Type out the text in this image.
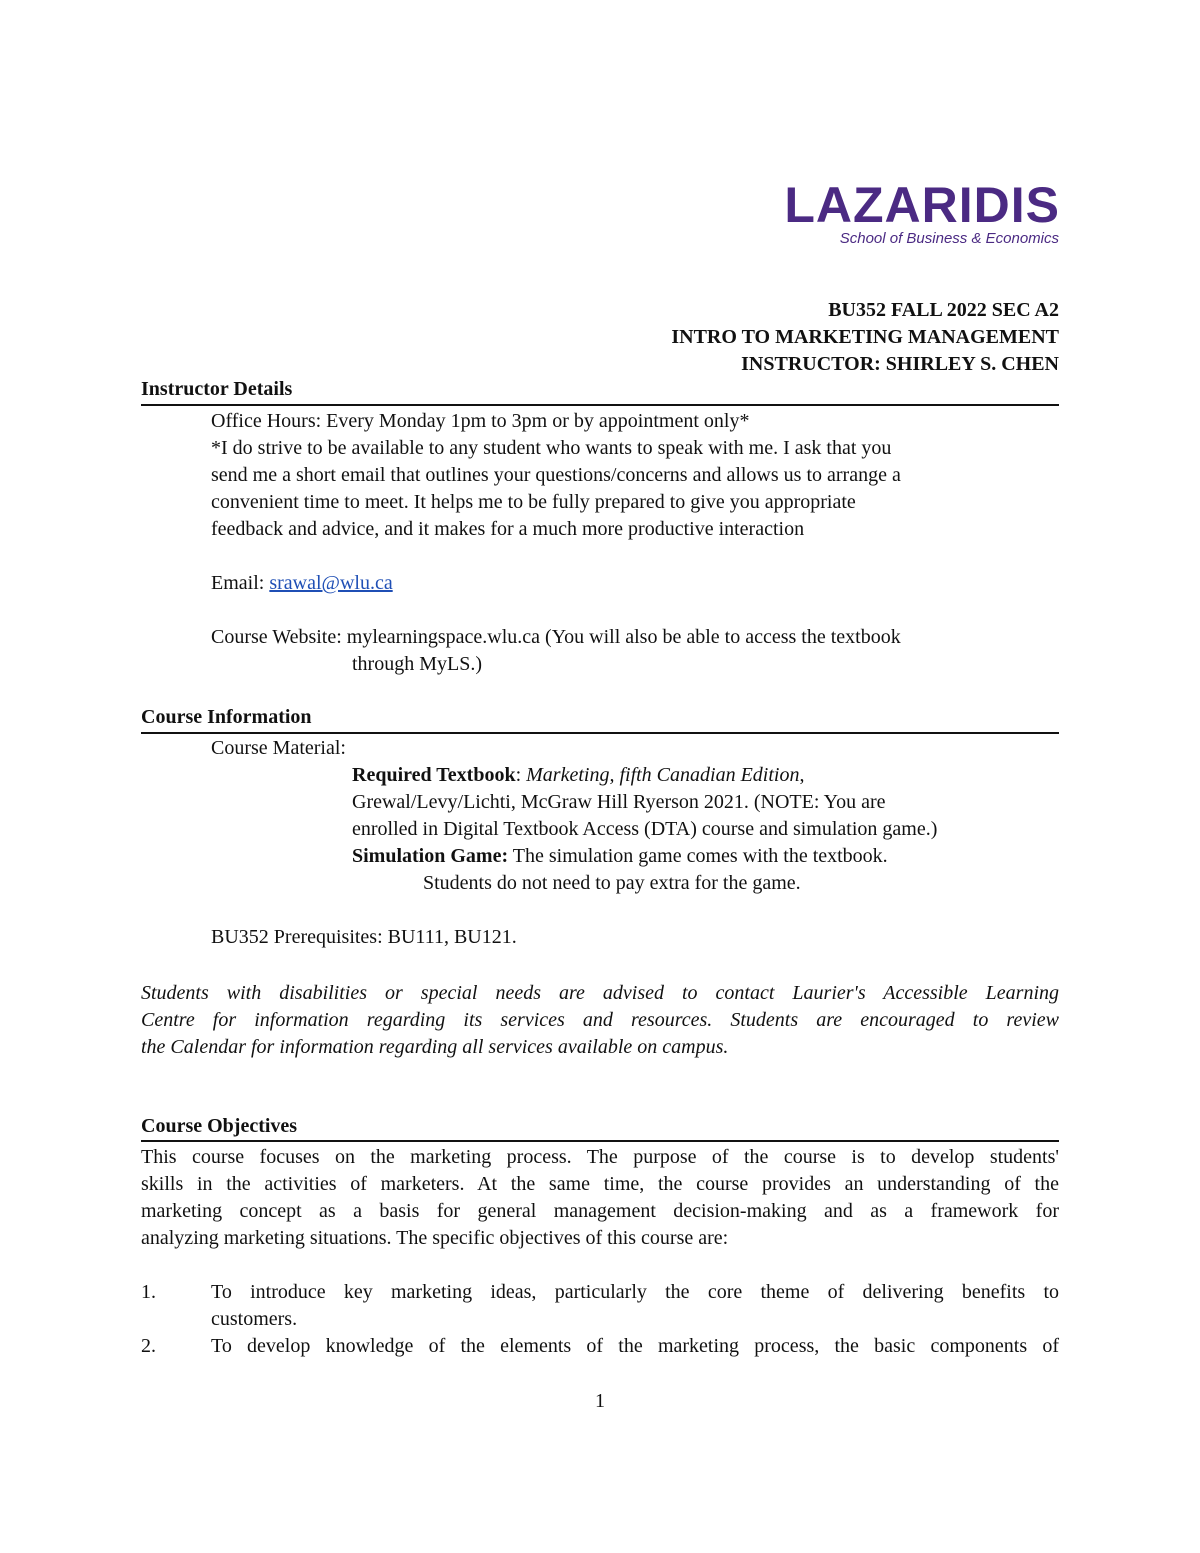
LAZARIDIS
School of Business & Economics
BU352 FALL 2022 SEC A2
INTRO TO MARKETING MANAGEMENT
INSTRUCTOR: SHIRLEY S. CHEN
Instructor Details
Office Hours: Every Monday 1pm to 3pm or by appointment only*
*I do strive to be available to any student who wants to speak with me. I ask that you
send me a short email that outlines your questions/concerns and allows us to arrange a
convenient time to meet. It helps me to be fully prepared to give you appropriate
feedback and advice, and it makes for a much more productive interaction

Email: srawal@wlu.ca

Course Website: mylearningspace.wlu.ca (You will also be able to access the textbook
through MyLS.)
Course Information
Course Material:
Required Textbook: Marketing, fifth Canadian Edition,
Grewal/Levy/Lichti, McGraw Hill Ryerson 2021. (NOTE: You are
enrolled in Digital Textbook Access (DTA) course and simulation game.)
Simulation Game: The simulation game comes with the textbook.
Students do not need to pay extra for the game.

BU352 Prerequisites: BU111, BU121.
Students with disabilities or special needs are advised to contact Laurier's Accessible Learning
Centre for information regarding its services and resources. Students are encouraged to review
the Calendar for information regarding all services available on campus.
Course Objectives
This course focuses on the marketing process. The purpose of the course is to develop students'
skills in the activities of marketers. At the same time, the course provides an understanding of the
marketing concept as a basis for general management decision-making and as a framework for
analyzing marketing situations. The specific objectives of this course are:
1.	To introduce key marketing ideas, particularly the core theme of delivering benefits to
customers.
2.	To develop knowledge of the elements of the marketing process, the basic components of
1
